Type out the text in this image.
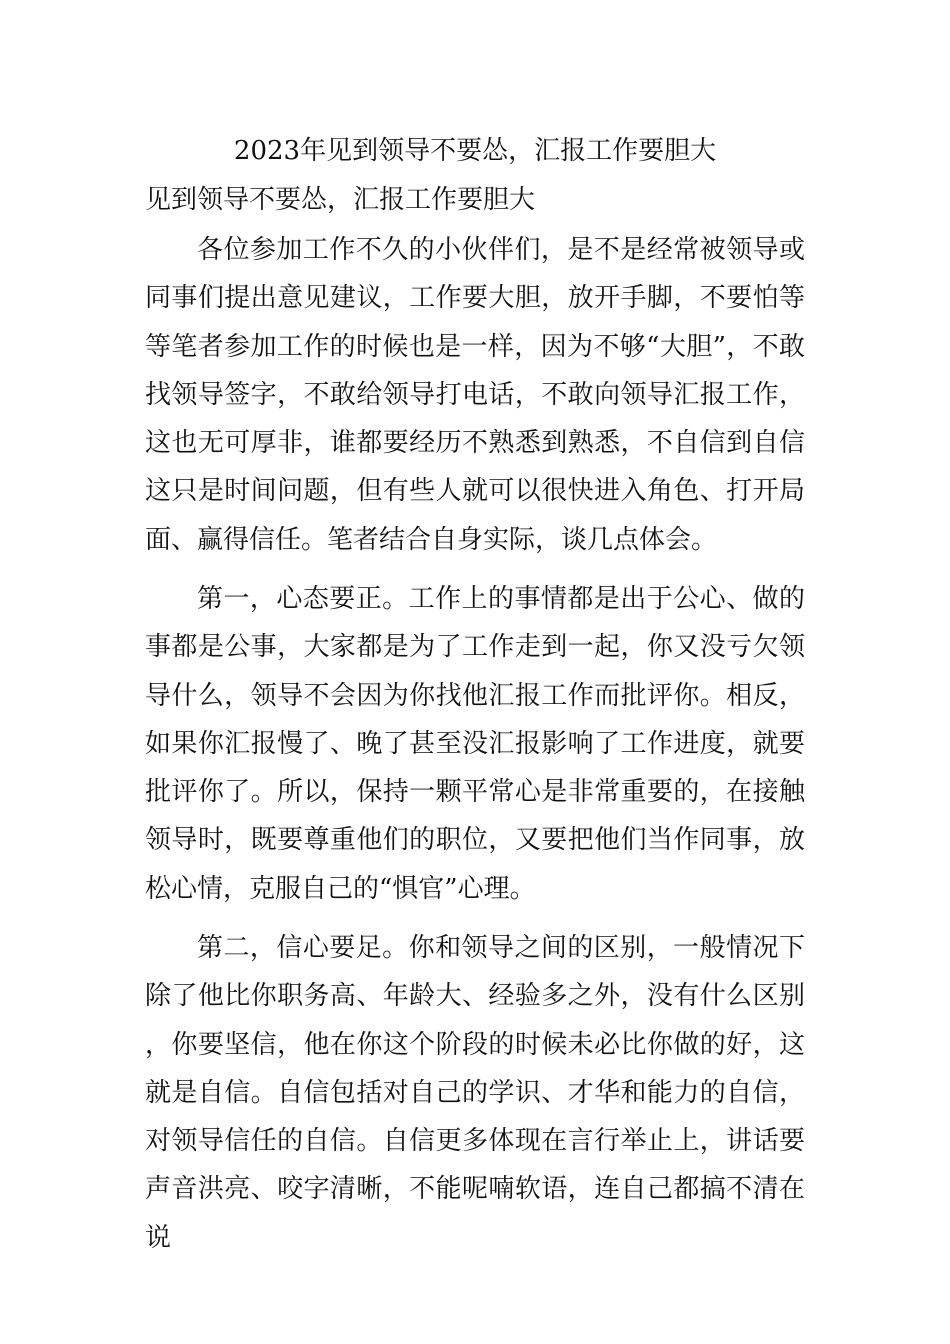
2023年见到领导不要怂，汇报工作要胆大
见到领导不要怂，汇报工作要胆大

各位参加工作不久的小伙伴们，是不是经常被领导或同事们提出意见建议，工作要大胆，放开手脚，不要怕等等笔者参加工作的时候也是一样，因为不够“大胆”，不敢找领导签字，不敢给领导打电话，不敢向领导汇报工作，这也无可厚非，谁都要经历不熟悉到熟悉，不自信到自信这只是时间问题，但有些人就可以很快进入角色、打开局面、赢得信任。笔者结合自身实际，谈几点体会。

第一，心态要正。工作上的事情都是出于公心、做的事都是公事，大家都是为了工作走到一起，你又没亏欠领导什么，领导不会因为你找他汇报工作而批评你。相反，如果你汇报慢了、晚了甚至没汇报影响了工作进度，就要批评你了。所以，保持一颗平常心是非常重要的，在接触领导时，既要尊重他们的职位，又要把他们当作同事，放松心情，克服自己的“惧官”心理。

第二，信心要足。你和领导之间的区别，一般情况下除了他比你职务高、年龄大、经验多之外，没有什么区别，你要坚信，他在你这个阶段的时候未必比你做的好，这就是自信。自信包括对自己的学识、才华和能力的自信，对领导信任的自信。自信更多体现在言行举止上，讲话要声音洪亮、咬字清晰，不能呢喃软语，连自己都搞不清在说
